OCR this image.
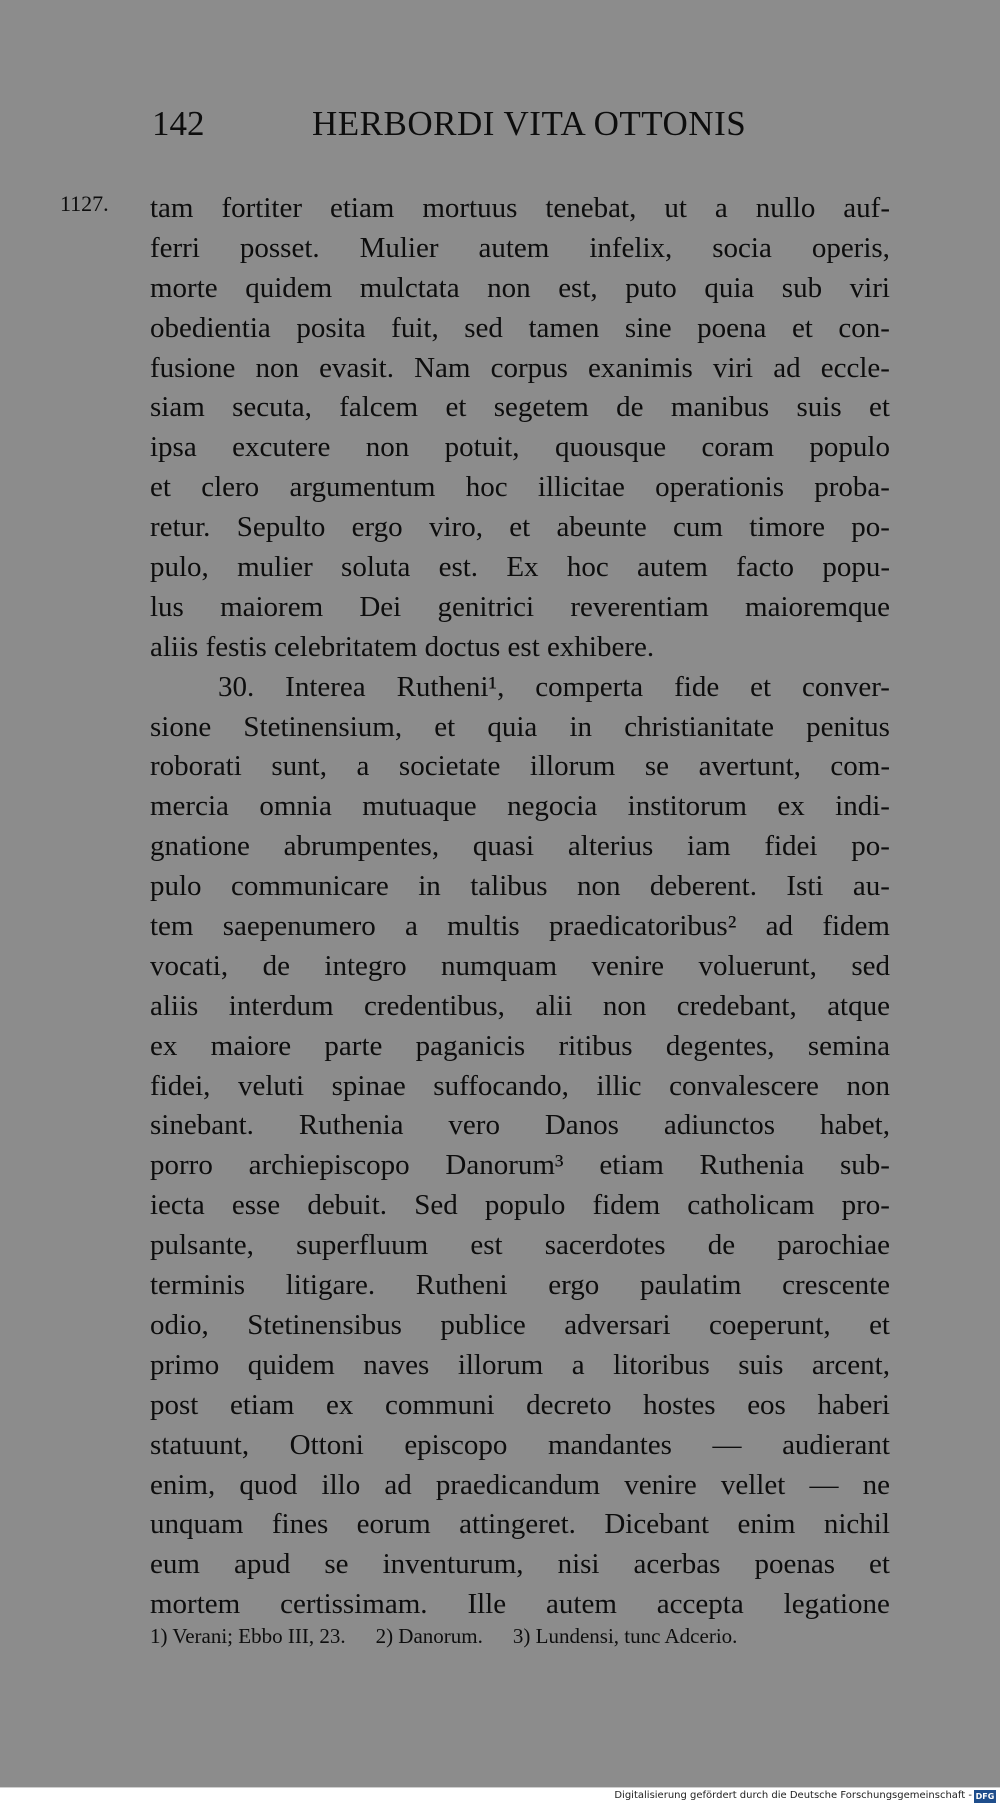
142	HERBORDI VITA OTTONIS
1127. tam fortiter etiam mortuus tenebat, ut a nullo auf-
ferri posset. Mulier autem infelix, socia operis,
morte quidem mulctata non est, puto quia sub viri
obedientia posita fuit, sed tamen sine poena et con-
fusione non evasit. Nam corpus exanimis viri ad eccle-
siam secuta, falcem et segetem de manibus suis et
ipsa excutere non potuit, quousque coram populo
et clero argumentum hoc illicitae operationis proba-
retur. Sepulto ergo viro, et abeunte cum timore po-
pulo, mulier soluta est. Ex hoc autem facto popu-
lus maiorem Dei genitrici reverentiam maioremque
aliis festis celebritatem doctus est exhibere.
30. Interea Rutheni¹, comperta fide et conver-
sione Stetinensium, et quia in christianitate penitus
roborati sunt, a societate illorum se avertunt, com-
mercia omnia mutuaque negocia institorum ex indi-
gnatione abrumpentes, quasi alterius iam fidei po-
pulo communicare in talibus non deberent. Isti au-
tem saepenumero a multis praedicatoribus² ad fidem
vocati, de integro numquam venire voluerunt, sed
aliis interdum credentibus, alii non credebant, atque
ex maiore parte paganicis ritibus degentes, semina
fidei, veluti spinae suffocando, illic convalescere non
sinebant. Ruthenia vero Danos adiunctos habet,
porro archiepiscopo Danorum³ etiam Ruthenia sub-
iecta esse debuit. Sed populo fidem catholicam pro-
pulsante, superfluum est sacerdotes de parochiae
terminis litigare. Rutheni ergo paulatim crescente
odio, Stetinensibus publice adversari coeperunt, et
primo quidem naves illorum a litoribus suis arcent,
post etiam ex communi decreto hostes eos haberi
statuunt, Ottoni episcopo mandantes — audierant
enim, quod illo ad praedicandum venire vellet — ne
unquam fines eorum attingeret. Dicebant enim nichil
eum apud se inventurum, nisi acerbas poenas et
mortem certissimam. Ille autem accepta legatione
1) Verani; Ebbo III, 23. 2) Danorum. 3) Lundensi, tunc Adcerio.
Digitalisierung gefördert durch die Deutsche Forschungsgemeinschaft - DFG
